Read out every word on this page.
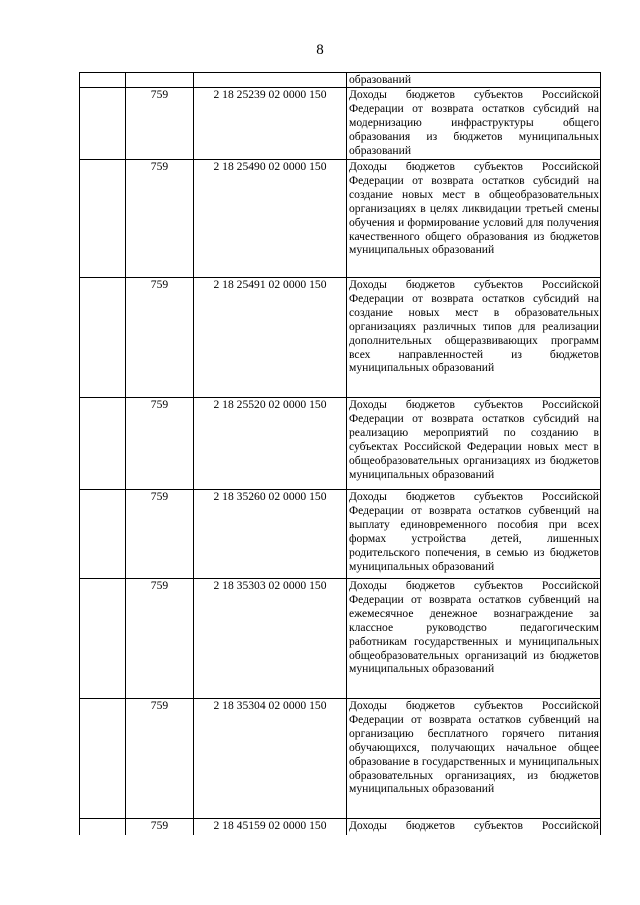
8
			образований
	759	2 18 25239 02 0000 150	Доходы бюджетов субъектов Российской Федерации от возврата остатков субсидий на модернизацию инфраструктуры общего образования из бюджетов муниципальных образований
	759	2 18 25490 02 0000 150	Доходы бюджетов субъектов Российской Федерации от возврата остатков субсидий на создание новых мест в общеобразовательных организациях в целях ликвидации третьей смены обучения и формирование условий для получения качественного общего образования из бюджетов муниципальных образований
	759	2 18 25491 02 0000 150	Доходы бюджетов субъектов Российской Федерации от возврата остатков субсидий на создание новых мест в образовательных организациях различных типов для реализации дополнительных общеразвивающих программ всех направленностей из бюджетов муниципальных образований
	759	2 18 25520 02 0000 150	Доходы бюджетов субъектов Российской Федерации от возврата остатков субсидий на реализацию мероприятий по созданию в субъектах Российской Федерации новых мест в общеобразовательных организациях из бюджетов муниципальных образований
	759	2 18 35260 02 0000 150	Доходы бюджетов субъектов Российской Федерации от возврата остатков субвенций на выплату единовременного пособия при всех формах устройства детей, лишенных родительского попечения, в семью из бюджетов муниципальных образований
	759	2 18 35303 02 0000 150	Доходы бюджетов субъектов Российской Федерации от возврата остатков субвенций на ежемесячное денежное вознаграждение за классное руководство педагогическим работникам государственных и муниципальных общеобразовательных организаций из бюджетов муниципальных образований
	759	2 18 35304 02 0000 150	Доходы бюджетов субъектов Российской Федерации от возврата остатков субвенций на организацию бесплатного горячего питания обучающихся, получающих начальное общее образование в государственных и муниципальных образовательных организациях, из бюджетов муниципальных образований
	759	2 18 45159 02 0000 150	Доходы бюджетов субъектов Российской
